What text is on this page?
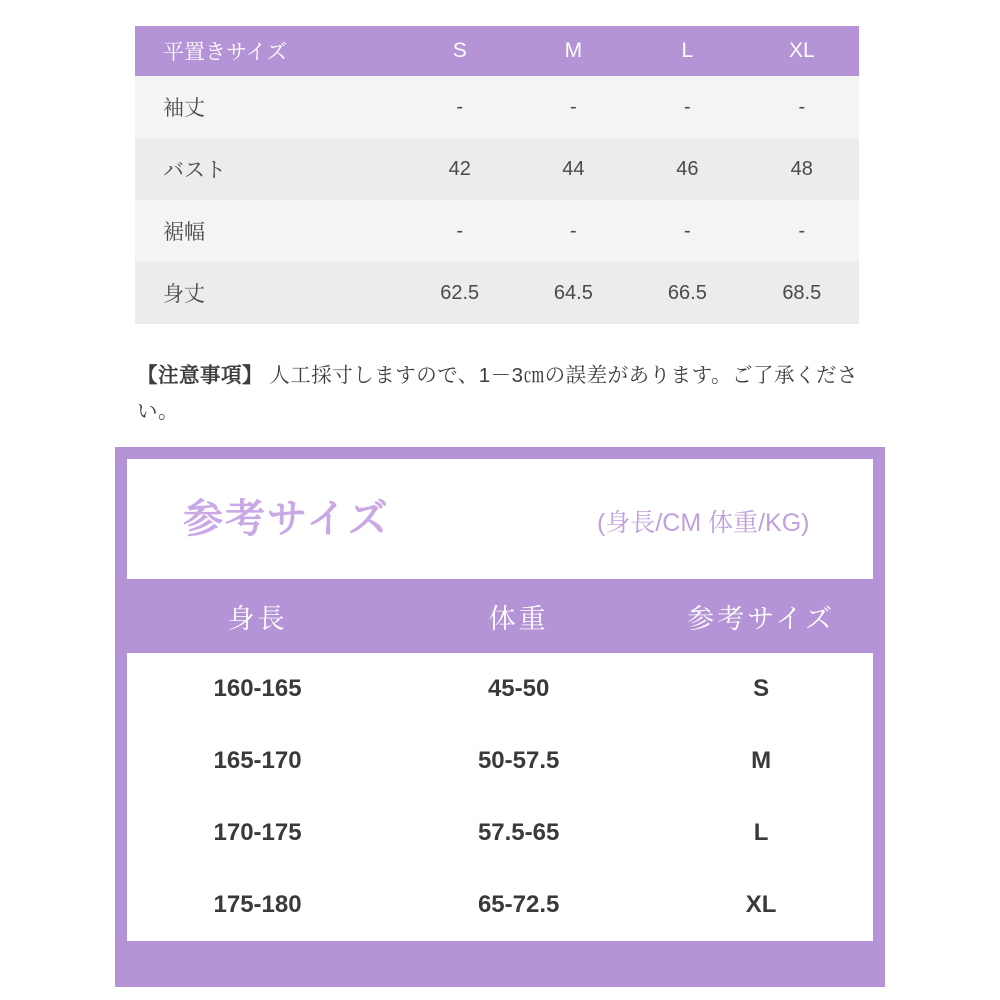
平置きサイズ	S	M	L	XL
袖丈	-	-	-	-
バスト	42	44	46	48
裾幅	-	-	-	-
身丈	62.5	64.5	66.5	68.5
【注意事項】 人工採寸しますので、1－3㎝の誤差があります。ご了承ください。
参考サイズ	(身長/CM 体重/KG)
身長	体重	参考サイズ
160-165	45-50	S
165-170	50-57.5	M
170-175	57.5-65	L
175-180	65-72.5	XL
